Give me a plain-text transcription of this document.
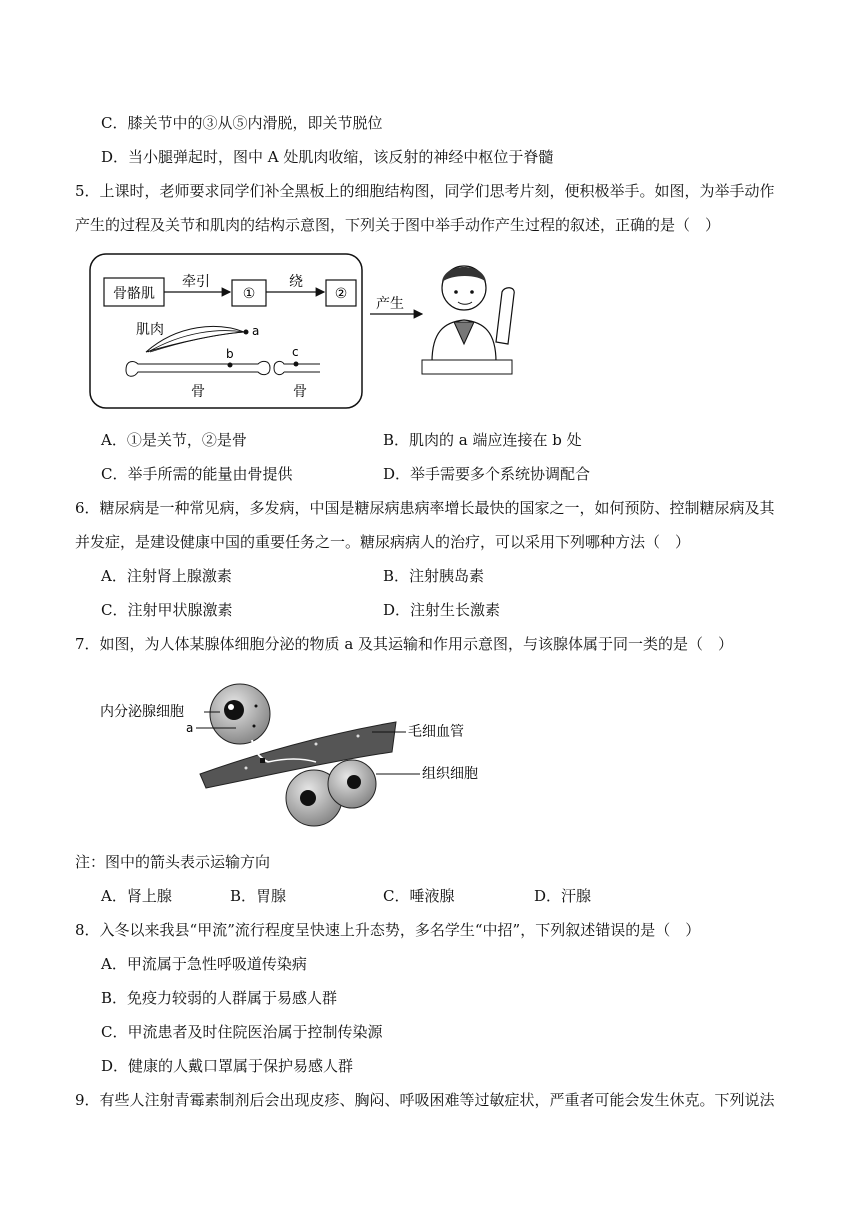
C．膝关节中的③从⑤内滑脱，即关节脱位
D．当小腿弹起时，图中 A 处肌肉收缩，该反射的神经中枢位于脊髓
5．上课时，老师要求同学们补全黑板上的细胞结构图，同学们思考片刻，便积极举手。如图，为举手动作
产生的过程及关节和肌肉的结构示意图，下列关于图中举手动作产生过程的叙述，正确的是（　）
骨骼肌
牵引
①
绕
②
产生
肌肉	a
b	c
骨	骨
A．①是关节，②是骨	B．肌肉的 a 端应连接在 b 处
C．举手所需的能量由骨提供	D．举手需要多个系统协调配合
6．糖尿病是一种常见病，多发病，中国是糖尿病患病率增长最快的国家之一，如何预防、控制糖尿病及其
并发症，是建设健康中国的重要任务之一。糖尿病病人的治疗，可以采用下列哪种方法（　）
A．注射肾上腺激素	B．注射胰岛素
C．注射甲状腺激素	D．注射生长激素
7．如图，为人体某腺体细胞分泌的物质 a 及其运输和作用示意图，与该腺体属于同一类的是（　）
内分泌腺细胞
a	毛细血管
组织细胞
注：图中的箭头表示运输方向
A．肾上腺	B．胃腺	C．唾液腺	D．汗腺
8．入冬以来我县“甲流”流行程度呈快速上升态势，多名学生“中招”，下列叙述错误的是（　）
A．甲流属于急性呼吸道传染病
B．免疫力较弱的人群属于易感人群
C．甲流患者及时住院医治属于控制传染源
D．健康的人戴口罩属于保护易感人群
9．有些人注射青霉素制剂后会出现皮疹、胸闷、呼吸困难等过敏症状，严重者可能会发生休克。下列说法
